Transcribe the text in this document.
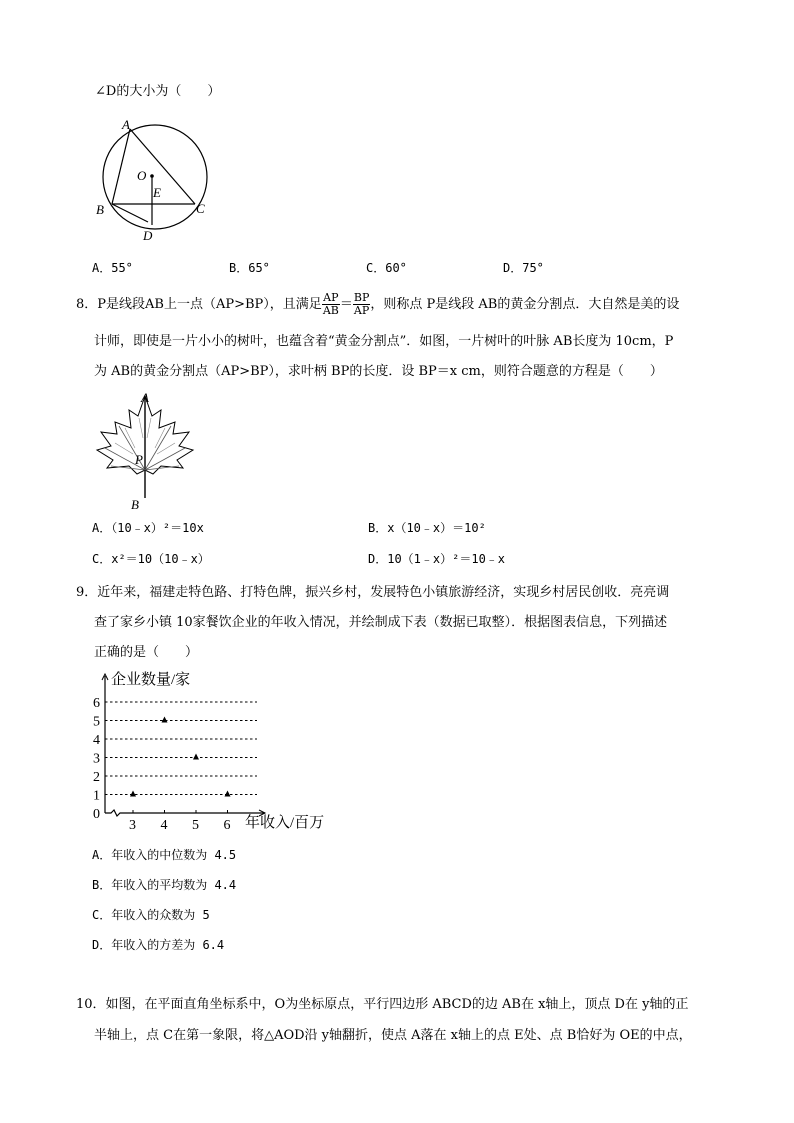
∠D的大小为（　　）
A
O
E
B	C
D
A．55°	B．65°	C．60°	D．75°
8．P是线段AB上一点（AP>BP），且满足 $\frac{AP}{AB} = \frac{BP}{AP}$ ，则称点 P是线段 AB的黄金分割点．大自然是美的设
计师，即使是一片小小的树叶，也蕴含着“黄金分割点”．如图，一片树叶的叶脉 AB长度为 10cm，P
为 AB的黄金分割点（AP>BP），求叶柄 BP的长度．设 BP＝x cm，则符合题意的方程是（　　）
A
P
B
A．（10﹣x）²＝10x	B．x（10﹣x）＝10²
C．x²＝10（10﹣x）	D．10（1﹣x）²＝10﹣x
9．近年来，福建走特色路、打特色牌，振兴乡村，发展特色小镇旅游经济，实现乡村居民创收．亮亮调
查了家乡小镇 10家餐饮企业的年收入情况，并绘制成下表（数据已取整）．根据图表信息，下列描述
正确的是（　　）
1
2
3
4
5
6
0
3 4 5 6
企业数量/家
年收入/百万
A．年收入的中位数为 4.5
B．年收入的平均数为 4.4
C．年收入的众数为 5
D．年收入的方差为 6.4
10．如图，在平面直角坐标系中，O为坐标原点，平行四边形 ABCD的边 AB在 x轴上，顶点 D在 y轴的正
半轴上，点 C在第一象限，将△AOD沿 y轴翻折，使点 A落在 x轴上的点 E处、点 B恰好为 OE的中点，
